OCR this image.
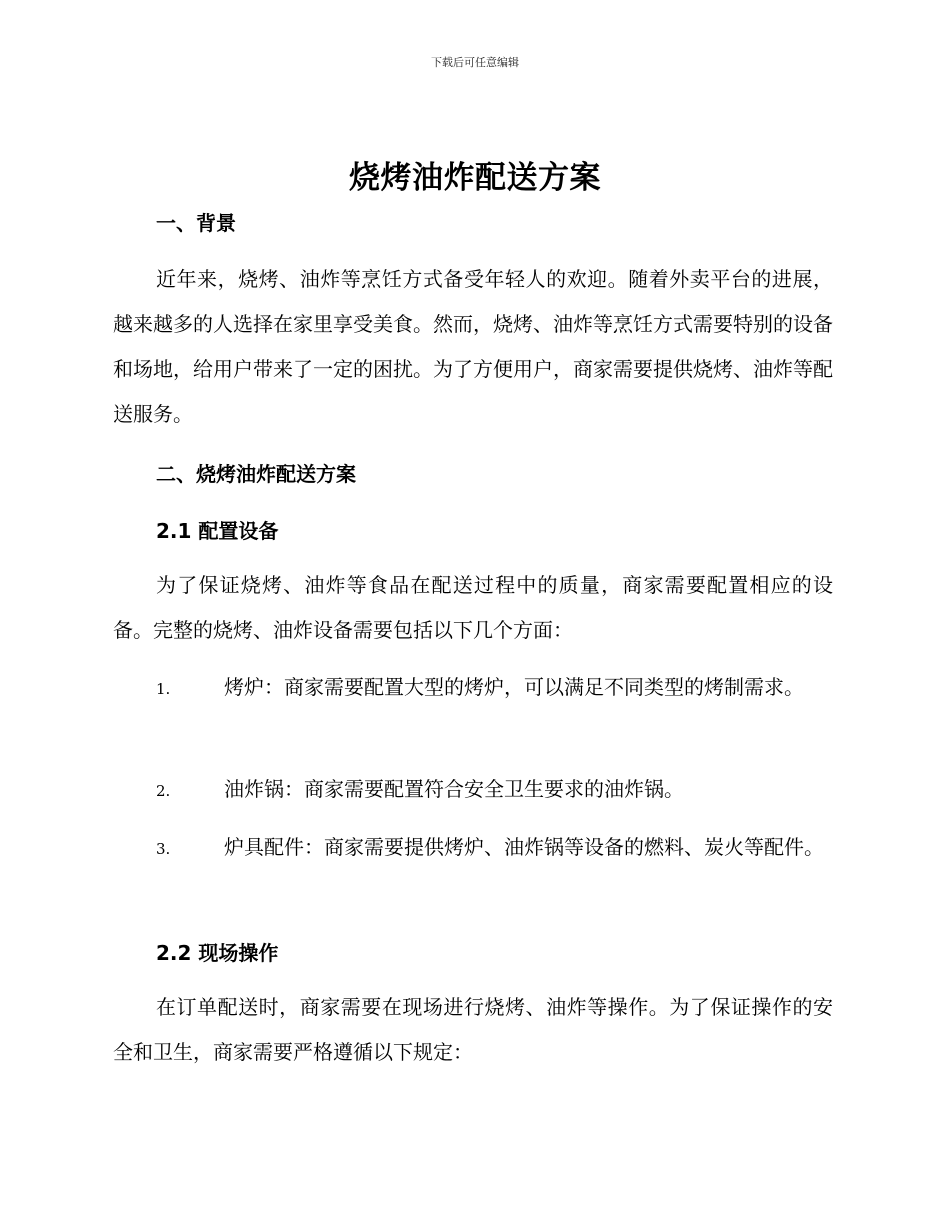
下载后可任意编辑
烧烤油炸配送方案
一、背景

近年来，烧烤、油炸等烹饪方式备受年轻人的欢迎。随着外卖平台的进展，越来越多的人选择在家里享受美食。然而，烧烤、油炸等烹饪方式需要特别的设备和场地，给用户带来了一定的困扰。为了方便用户，商家需要提供烧烤、油炸等配送服务。

二、烧烤油炸配送方案
2.1 配置设备

为了保证烧烤、油炸等食品在配送过程中的质量，商家需要配置相应的设备。完整的烧烤、油炸设备需要包括以下几个方面：

1.	烤炉：商家需要配置大型的烤炉，可以满足不同类型的烤制需求。

2.	油炸锅：商家需要配置符合安全卫生要求的油炸锅。

3.	炉具配件：商家需要提供烤炉、油炸锅等设备的燃料、炭火等配件。

2.2 现场操作

在订单配送时，商家需要在现场进行烧烤、油炸等操作。为了保证操作的安全和卫生，商家需要严格遵循以下规定：
